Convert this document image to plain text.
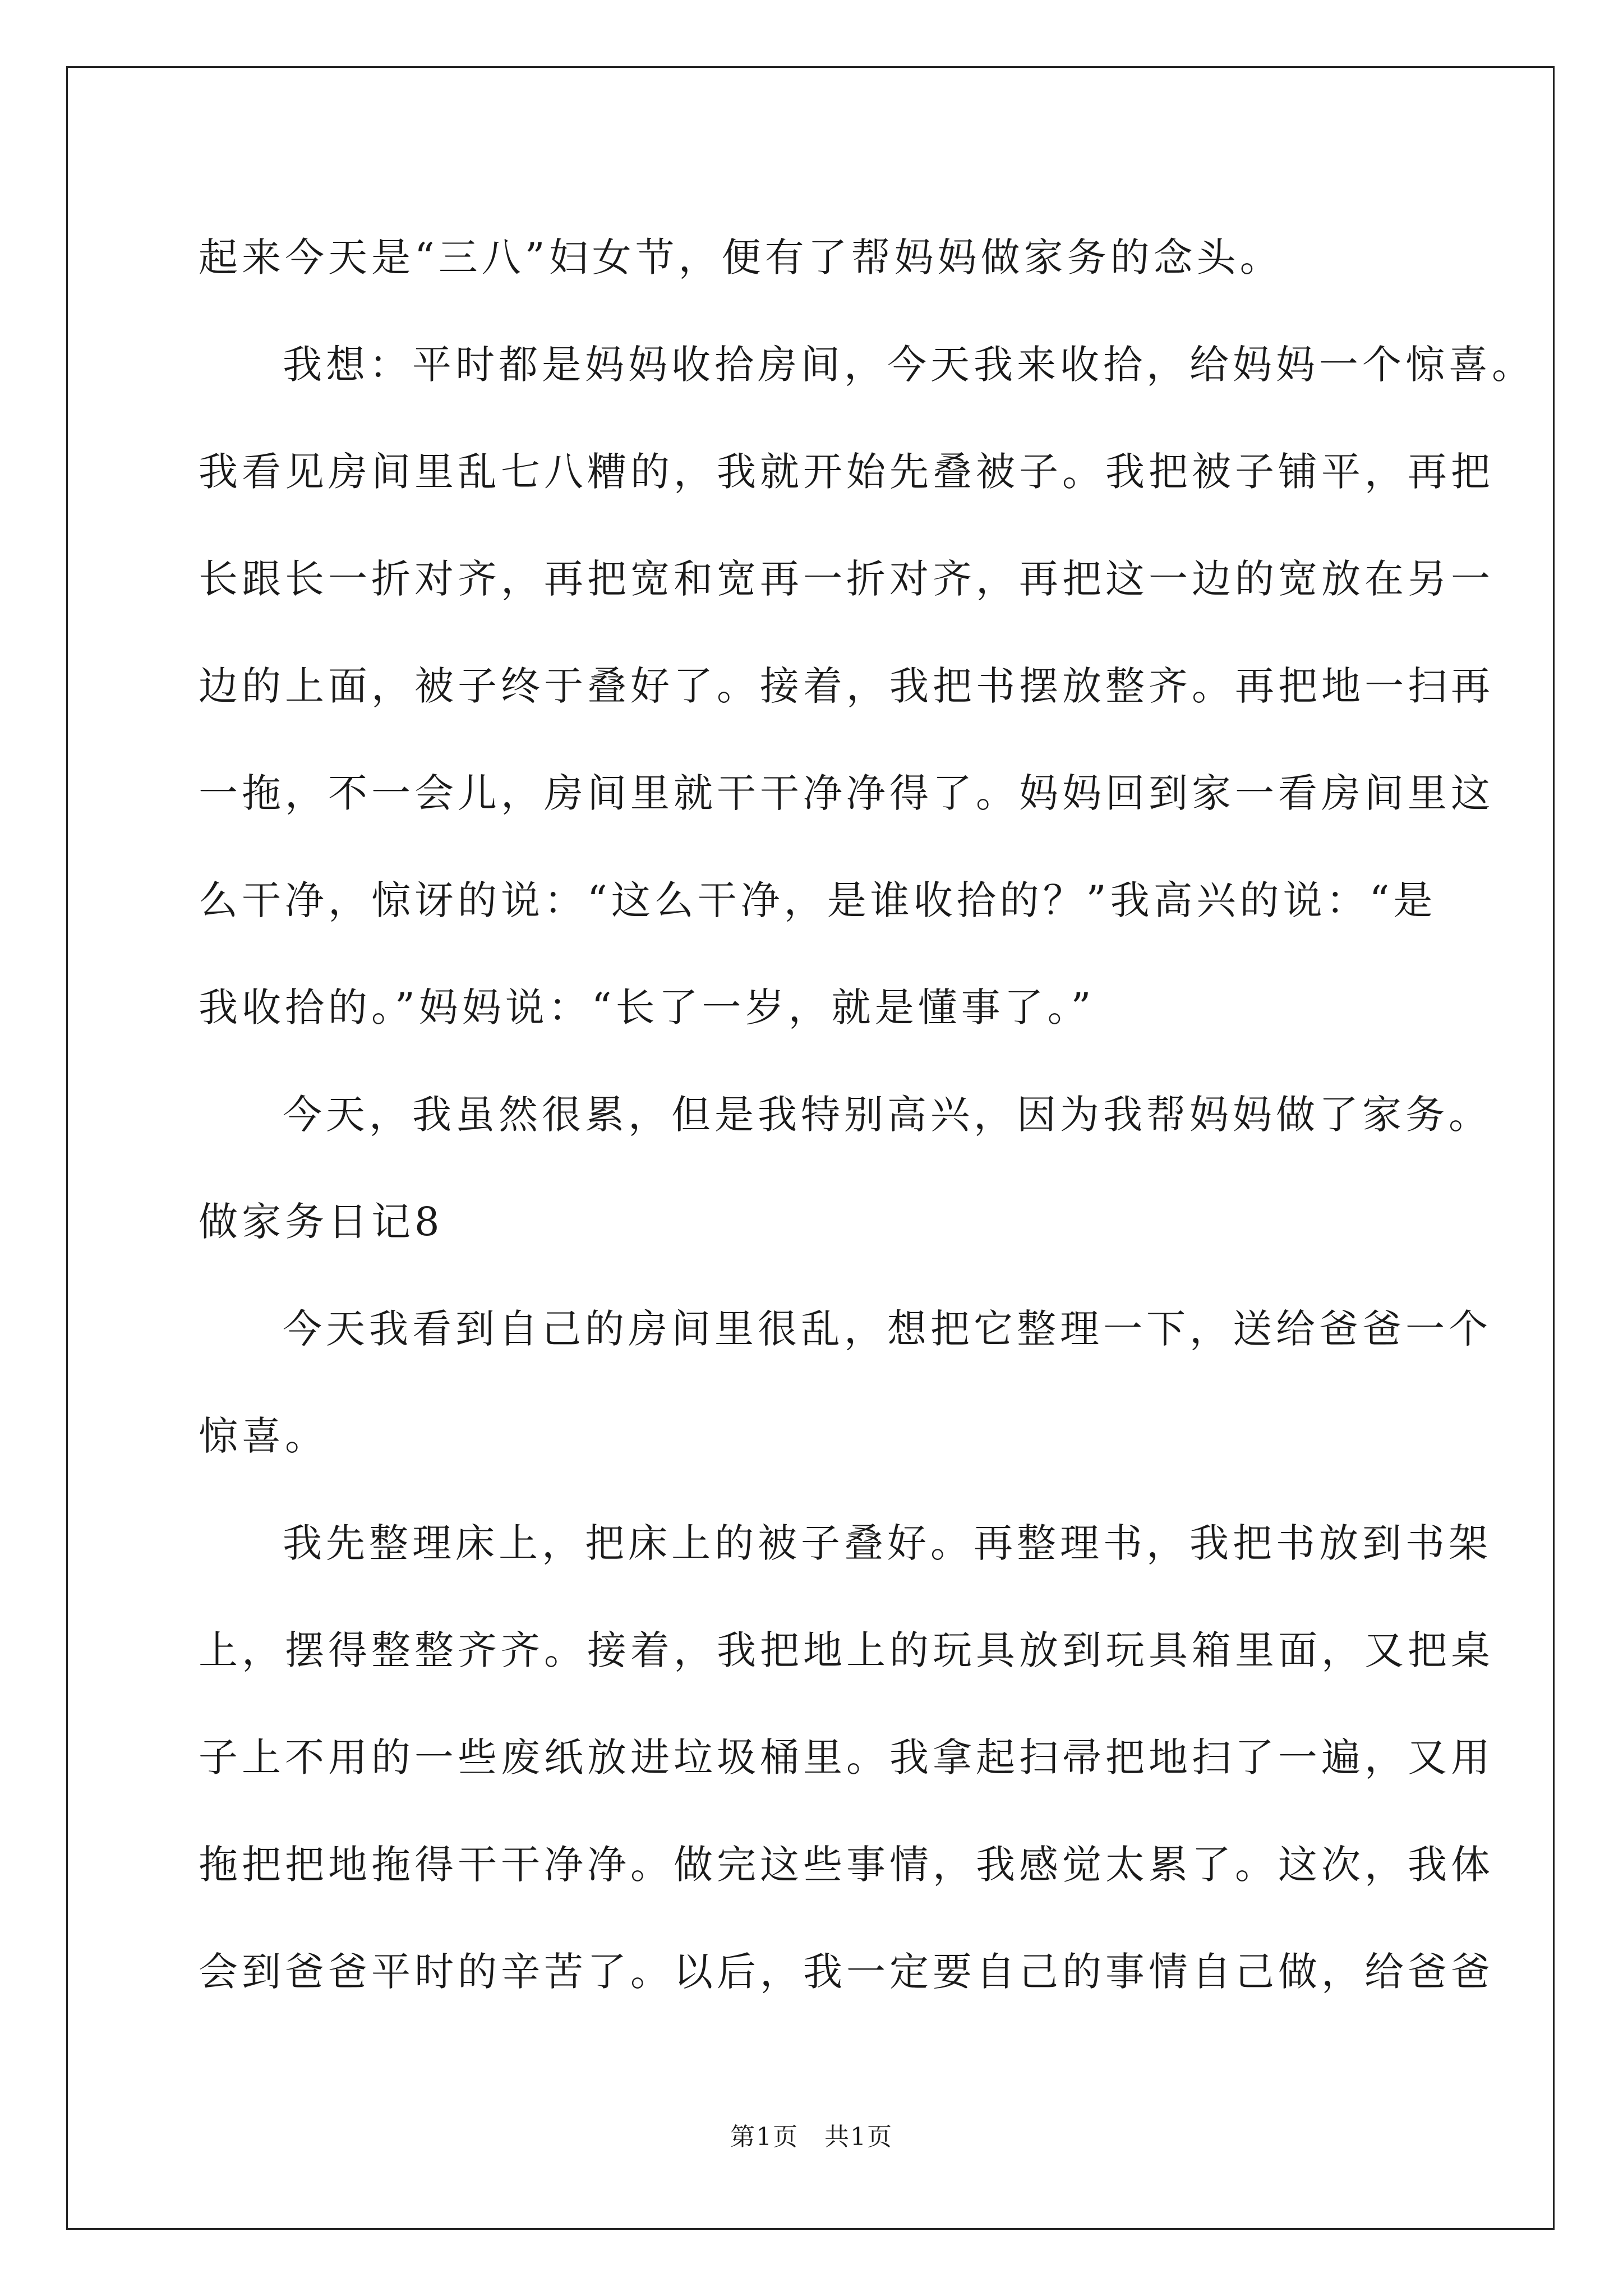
起来今天是“三八”妇女节，便有了帮妈妈做家务的念头。
我想：平时都是妈妈收拾房间，今天我来收拾，给妈妈一个惊喜。
我看见房间里乱七八糟的，我就开始先叠被子。我把被子铺平，再把
长跟长一折对齐，再把宽和宽再一折对齐，再把这一边的宽放在另一
边的上面，被子终于叠好了。接着，我把书摆放整齐。再把地一扫再
一拖，不一会儿，房间里就干干净净得了。妈妈回到家一看房间里这
么干净，惊讶的说：“这么干净，是谁收拾的？”我高兴的说：“是
我收拾的。”妈妈说：“长了一岁，就是懂事了。”
今天，我虽然很累，但是我特别高兴，因为我帮妈妈做了家务。
做家务日记8
今天我看到自己的房间里很乱，想把它整理一下，送给爸爸一个
惊喜。
我先整理床上，把床上的被子叠好。再整理书，我把书放到书架
上，摆得整整齐齐。接着，我把地上的玩具放到玩具箱里面，又把桌
子上不用的一些废纸放进垃圾桶里。我拿起扫帚把地扫了一遍，又用
拖把把地拖得干干净净。做完这些事情，我感觉太累了。这次，我体
会到爸爸平时的辛苦了。以后，我一定要自己的事情自己做，给爸爸
第1页　共1页
